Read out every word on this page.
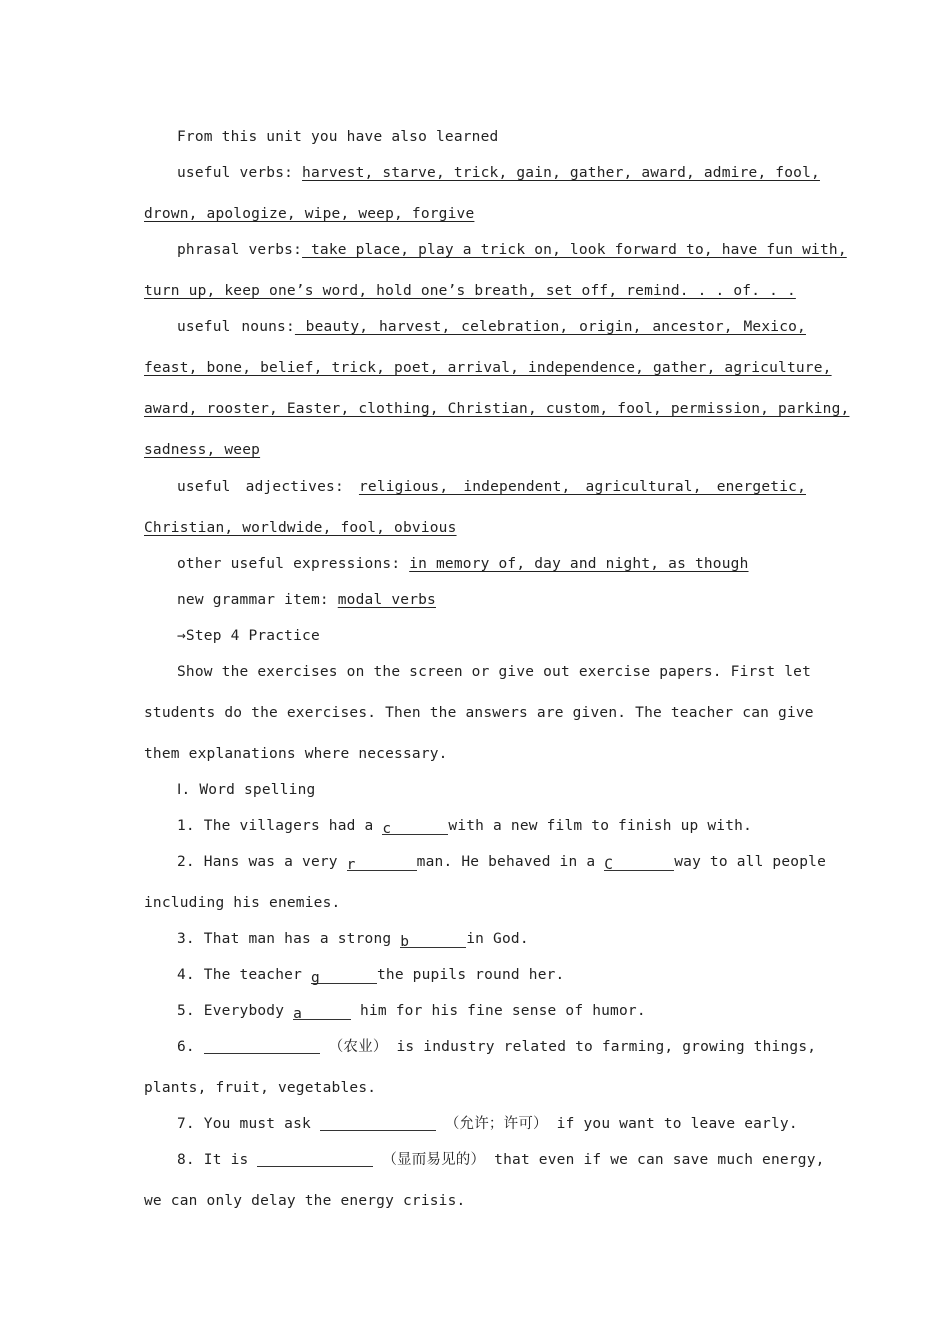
From this unit you have also learned
useful verbs: harvest, starve, trick, gain, gather, award, admire, fool,
drown, apologize, wipe, weep, forgive
phrasal verbs: take place, play a trick on, look forward to, have fun with,
turn up, keep one’s word, hold one’s breath, set off, remind. . . of. . .
useful nouns: beauty, harvest, celebration, origin, ancestor, Mexico,
feast, bone, belief, trick, poet, arrival, independence, gather, agriculture,
award, rooster, Easter, clothing, Christian, custom, fool, permission, parking,
sadness, weep
useful adjectives: religious, independent, agricultural, energetic,
Christian, worldwide, fool, obvious
other useful expressions: in memory of, day and night, as though
new grammar item: modal verbs
→Step 4 Practice
Show the exercises on the screen or give out exercise papers. First let
students do the exercises. Then the answers are given. The teacher can give
them explanations where necessary.
Ⅰ. Word spelling
1. The villagers had a c	with a new film to finish up with.
2. Hans was a very r	man. He behaved in a C	way to all people
including his enemies.
3. That man has a strong b	in God.
4. The teacher g	the pupils round her.
5. Everybody a	him for his fine sense of humor.
6.	（农业） is industry related to farming, growing things,
plants, fruit, vegetables.
7. You must ask	（允许；许可） if you want to leave early.
8. It is	（显而易见的） that even if we can save much energy,
we can only delay the energy crisis.
